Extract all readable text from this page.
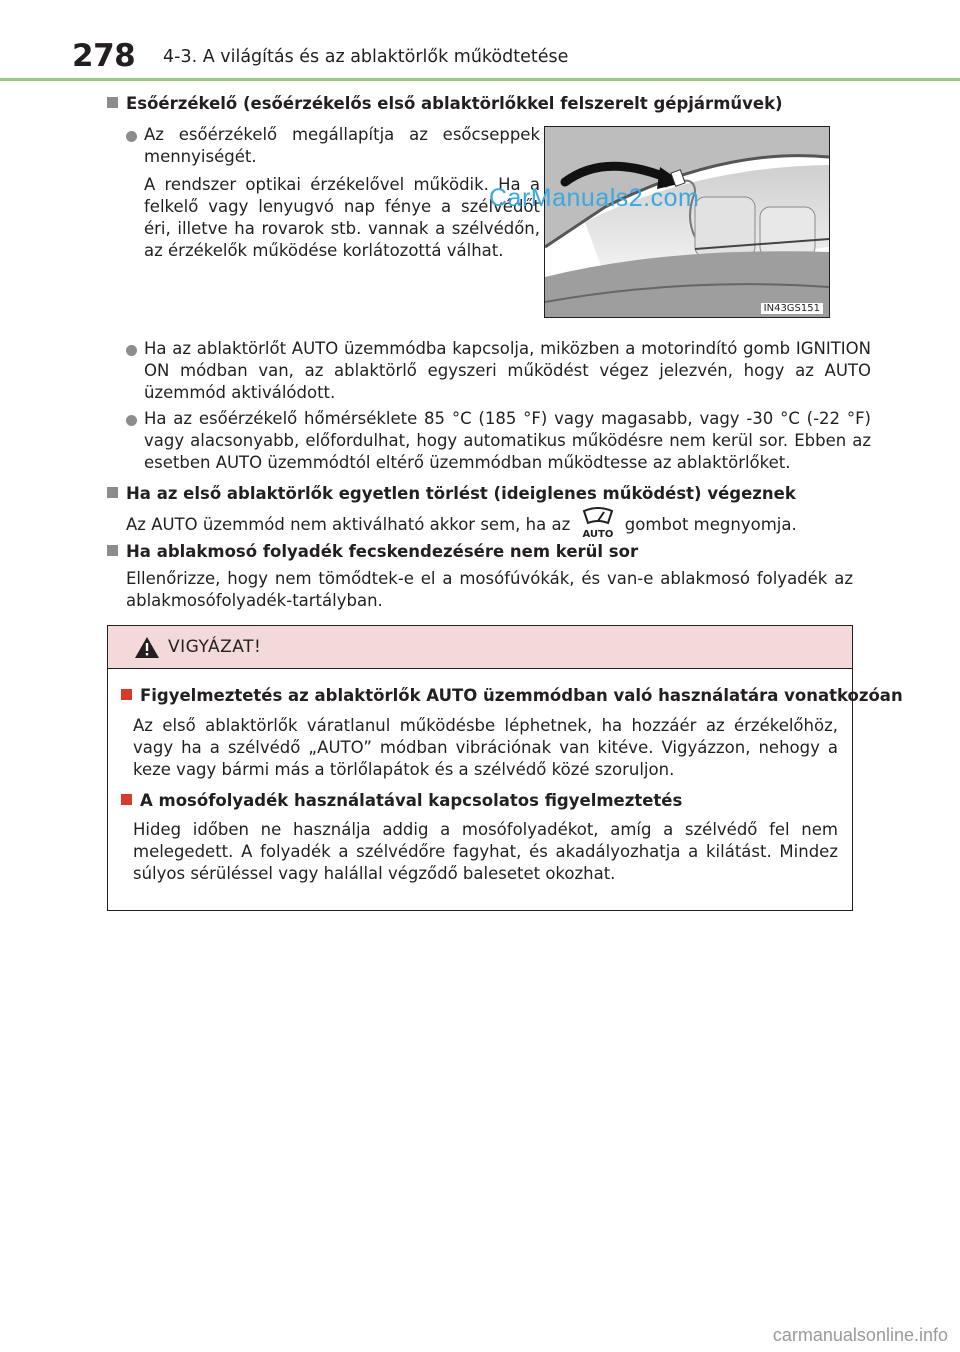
278 4-3. A világítás és az ablaktörlők működtetése
Esőérzékelő (esőérzékelős első ablaktörlőkkel felszerelt gépjárművek)
Az esőérzékelő megállapítja az esőcseppek mennyiségét.
A rendszer optikai érzékelővel működik. Ha a felkelő vagy lenyugvó nap fénye a szélvédőt éri, illetve ha rovarok stb. vannak a szélvédőn, az érzékelők működése korlátozottá válhat.
IN43GS151
CarManuals2.com
Ha az ablaktörlőt AUTO üzemmódba kapcsolja, miközben a motorindító gomb IGNITION ON módban van, az ablaktörlő egyszeri működést végez jelezvén, hogy az AUTO üzemmód aktiválódott.
Ha az esőérzékelő hőmérséklete 85 °C (185 °F) vagy magasabb, vagy -30 °C (-22 °F) vagy alacsonyabb, előfordulhat, hogy automatikus működésre nem kerül sor. Ebben az esetben AUTO üzemmódtól eltérő üzemmódban működtesse az ablaktörlőket.
Ha az első ablaktörlők egyetlen törlést (ideiglenes működést) végeznek
Az AUTO üzemmód nem aktiválható akkor sem, ha az
AUTO
gombot megnyomja.
Ha ablakmosó folyadék fecskendezésére nem kerül sor
Ellenőrizze, hogy nem tömődtek-e el a mosófúvókák, és van-e ablakmosó folyadék az ablakmosófolyadék-tartályban.
VIGYÁZAT!
Figyelmeztetés az ablaktörlők AUTO üzemmódban való használatára vonatkozóan
Az első ablaktörlők váratlanul működésbe léphetnek, ha hozzáér az érzékelőhöz, vagy ha a szélvédő „AUTO” módban vibrációnak van kitéve. Vigyázzon, nehogy a keze vagy bármi más a törlőlapátok és a szélvédő közé szoruljon.
A mosófolyadék használatával kapcsolatos figyelmeztetés
Hideg időben ne használja addig a mosófolyadékot, amíg a szélvédő fel nem melegedett. A folyadék a szélvédőre fagyhat, és akadályozhatja a kilátást. Mindez súlyos sérüléssel vagy halállal végződő balesetet okozhat.
carmanualsonline.info
